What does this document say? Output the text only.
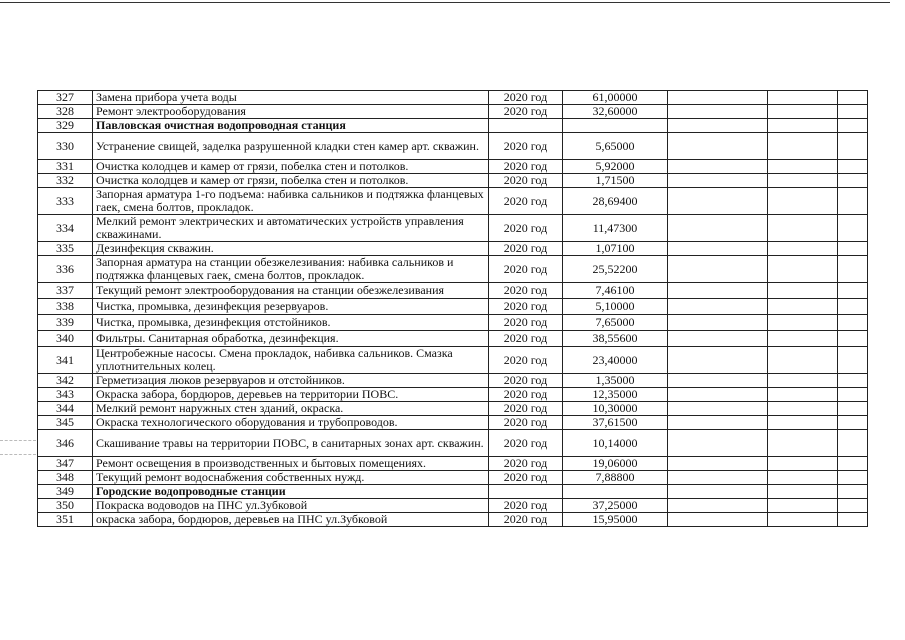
327	Замена прибора учета воды	2020 год	61,00000			
328	Ремонт электрооборудования	2020 год	32,60000			
329	Павловская очистная водопроводная станция					
330	Устранение свищей, заделка разрушенной кладки стен камер арт. скважин.	2020 год	5,65000			
331	Очистка колодцев и камер от грязи, побелка стен и потолков.	2020 год	5,92000			
332	Очистка колодцев и камер от грязи, побелка стен и потолков.	2020 год	1,71500			
333	Запорная арматура 1-го подъема: набивка сальников и подтяжка фланцевых гаек, смена болтов, прокладок.	2020 год	28,69400			
334	Мелкий ремонт электрических и автоматических устройств управления скважинами.	2020 год	11,47300			
335	Дезинфекция скважин.	2020 год	1,07100			
336	Запорная арматура на станции обезжелезивания: набивка сальников и подтяжка фланцевых гаек, смена болтов, прокладок.	2020 год	25,52200			
337	Текущий ремонт электрооборудования на станции обезжелезивания	2020 год	7,46100			
338	Чистка, промывка, дезинфекция резервуаров.	2020 год	5,10000			
339	Чистка, промывка, дезинфекция отстойников.	2020 год	7,65000			
340	Фильтры. Санитарная обработка, дезинфекция.	2020 год	38,55600			
341	Центробежные насосы. Смена прокладок, набивка сальников. Смазка уплотнительных колец.	2020 год	23,40000			
342	Герметизация люков резервуаров и отстойников.	2020 год	1,35000			
343	Окраска забора, бордюров, деревьев на территории ПОВС.	2020 год	12,35000			
344	Мелкий ремонт наружных стен зданий, окраска.	2020 год	10,30000			
345	Окраска технологического оборудования и трубопроводов.	2020 год	37,61500			
346	Скашивание травы на территории ПОВС, в санитарных зонах арт. скважин.	2020 год	10,14000			
347	Ремонт освещения в производственных и бытовых помещениях.	2020 год	19,06000			
348	Текущий ремонт водоснабжения собственных нужд.	2020 год	7,88800			
349	Городские водопроводные станции					
350	Покраска водоводов на ПНС ул.Зубковой	2020 год	37,25000			
351	окраска забора, бордюров, деревьев на ПНС ул.Зубковой	2020 год	15,95000			
